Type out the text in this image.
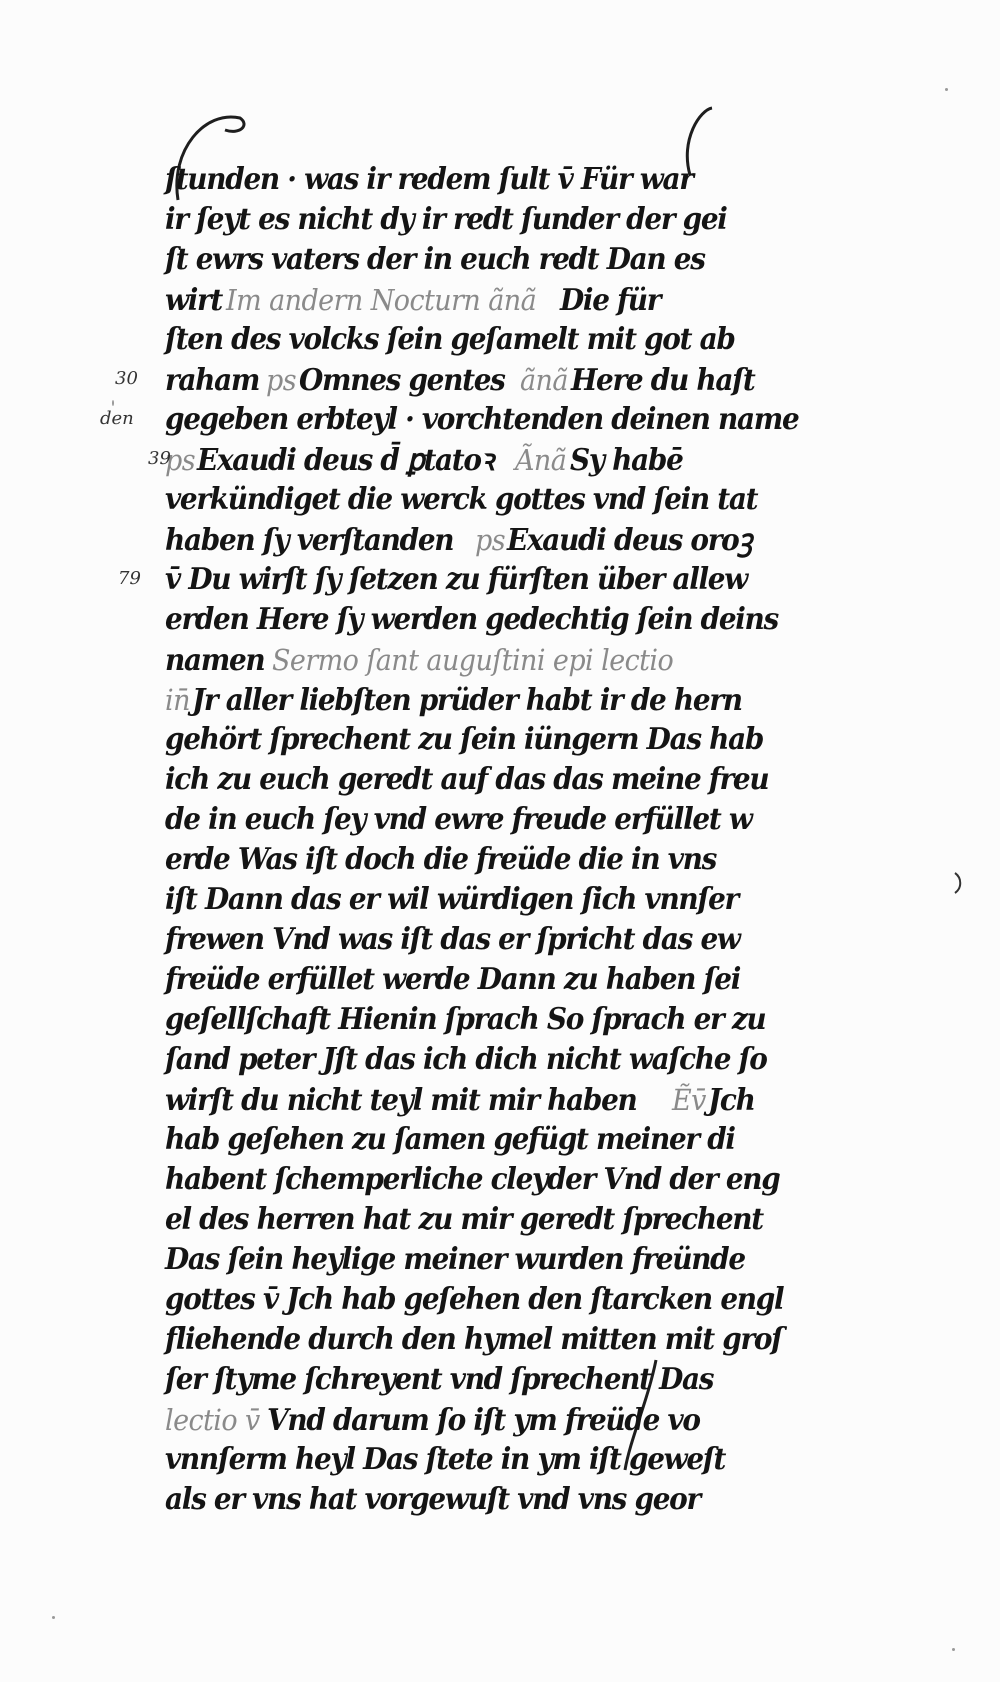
ſtunden · was ir redem ſult v̄ Für war
ir ſeyt es nicht dy ir redt ſunder der gei
ſt ewrs vaters der in euch redt Dan es
wirtIm andern Nocturn ãnãDie für
ſten des volcks ſein geſamelt mit got ab
rahampsOmnes gentesãnãHere du haſt
gegeben erbteyl · vorchtenden deinen name
psExaudi deus d̄ ꝑtatoꝛÃnãSy habē
verkündiget die werck gottes vnd ſein tat
haben ſy verſtandenpsExaudi deus oroꝫ
v̄ Du wirſt ſy ſetzen zu fürſten über allew
erden Here ſy werden gedechtig ſein deins
namenSermo ſant auguſtini epi lectio
in̄Jr aller liebſten prüder habt ir de hern
gehört ſprechent zu ſein iüngern Das hab
ich zu euch geredt auf das das meine freu
de in euch ſey vnd ewre freude erfüllet w
erde Was iſt doch die freüde die in vns
iſt Dann das er wil würdigen ſich vnnſer
frewen Vnd was iſt das er ſpricht das ew
freüde erfüllet werde Dann zu haben ſei
geſellſchaft Hienin ſprach So ſprach er zu
ſand peter Jſt das ich dich nicht waſche ſo
wirſt du nicht teyl mit mir habenẼv̄Jch
hab geſehen zu ſamen gefügt meiner di
habent ſchemperliche cleyder Vnd der eng
el des herren hat zu mir geredt ſprechent
Das ſein heylige meiner wurden freünde
gottes v̄ Jch hab geſehen den ſtarcken engl
fliehende durch den hymel mitten mit groſ
ſer ſtyme ſchreyent vnd ſprechent Das
lectio v̄Vnd darum ſo iſt ym freüde vo
vnnſerm heyl Das ſtete in ym iſt geweſt
als er vns hat vorgewuſt vnd vns geor
30
den
39
79
